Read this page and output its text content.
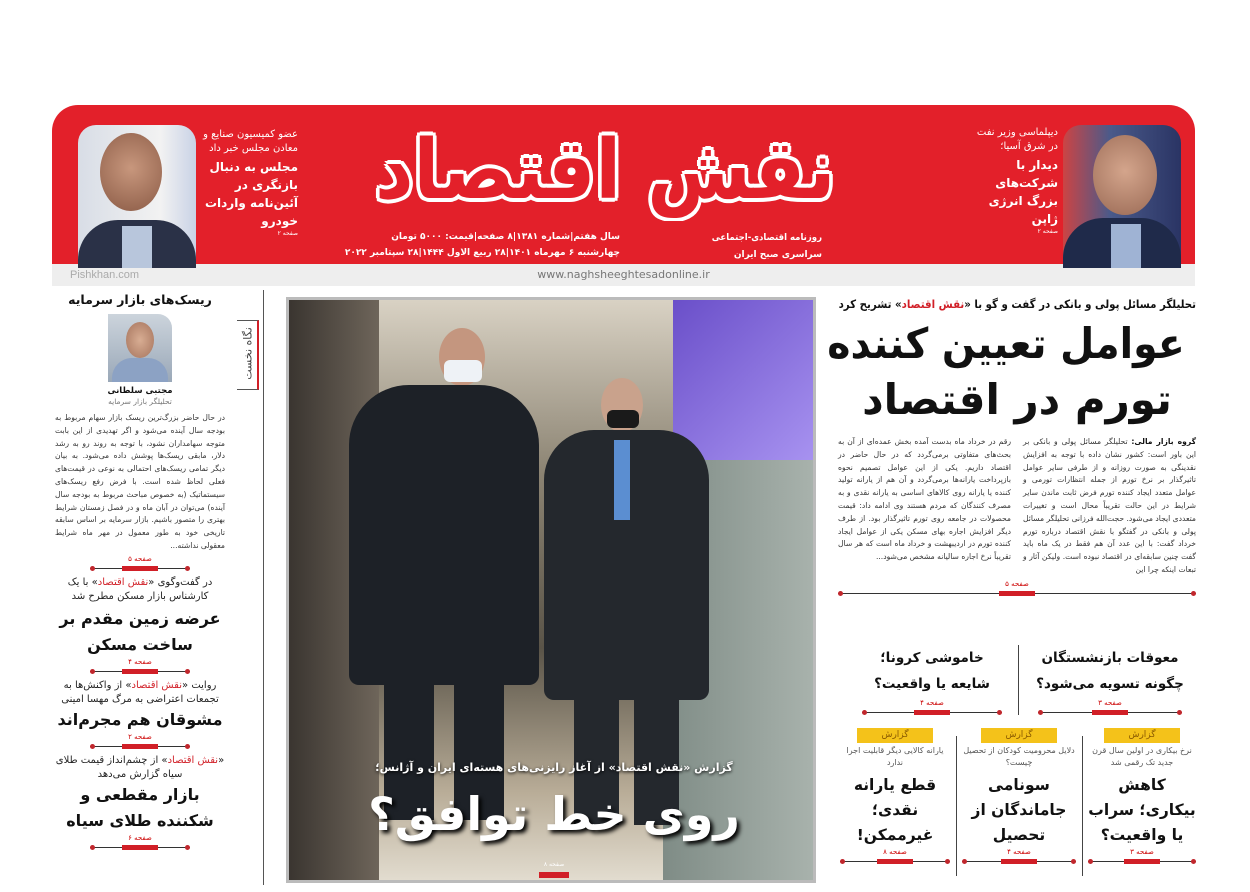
نقش اقتصاد
روزنامه اقتصادی-اجتماعی
سراسری صبح ایران
سال هفتم|شماره ۱۳۸۱|۸ صفحه|قیمت: ۵۰۰۰ تومان
چهارشنبه ۶ مهرماه ۱۴۰۱|۲۸ ربیع الاول ۱۴۴۴|۲۸ سپتامبر ۲۰۲۲
www.naghsheeghtesadonline.ir
Pishkhan.com
عضو کمیسیون صنایع و معادن مجلس خبر داد
مجلس به دنبال بازنگری در آئین‌نامه واردات خودرو
صفحه ۲
دیپلماسی وزیر نفت در شرق آسیا؛
دیدار با شرکت‌های بزرگ انرژی ژاپن
صفحه ۲
نگاه نخست
ریسک‌های بازار سرمایه
مجتبی سلطانی
تحلیلگر بازار سرمایه
در حال حاضر بزرگ‌ترین ریسک بازار سهام مربوط به بودجه سال آینده می‌شود و اگر تهدیدی از این بابت متوجه سهامداران نشود، با توجه به روند رو به رشد دلار، مابقی ریسک‌ها پوشش داده می‌شود. به بیان دیگر تمامی ریسک‌های احتمالی به نوعی در قیمت‌های فعلی لحاظ شده است. با فرض رفع ریسک‌های سیستماتیک (به خصوص مباحث مربوط به بودجه سال آینده) می‌توان در آبان ماه و در فصل زمستان شرایط بهتری را متصور باشیم. بازار سرمایه بر اساس سابقه تاریخی خود به طور معمول در مهر ماه شرایط معقولی نداشته...
صفحه ۵
در گفت‌و‌گوی «نقش اقتصاد» با یک کارشناس بازار مسکن مطرح شد
عرضه زمین مقدم بر ساخت مسکن
صفحه ۴
روایت «نقش اقتصاد» از واکنش‌ها به تجمعات اعتراضی به مرگ مهسا امینی
مشوقان هم مجرم‌اند
صفحه ۲
«نقش اقتصاد» از چشم‌انداز قیمت طلای سیاه گزارش می‌دهد
بازار مقطعی و شکننده طلای سیاه
صفحه ۶
گزارش «نقش اقتصاد» از آغاز رایزنی‌های هسته‌ای ایران و آژانس؛
روی خط توافق؟
صفحه ۸
تحلیلگر مسائل پولی و بانکی در گفت و گو با «نقش اقتصاد» تشریح کرد
عوامل تعیین کننده
تورم در اقتصاد
گروه بازار مالی: تحلیلگر مسائل پولی و بانکی بر این باور است: کشور نشان داده با توجه به افزایش نقدینگی به صورت روزانه و از طرفی سایر عوامل تاثیرگذار بر نرخ تورم از جمله انتظارات تورمی و عوامل متعدد ایجاد کننده تورم فرض ثابت ماندن سایر شرایط در این حالت تقریباً محال است و تغییرات متعددی ایجاد می‌شود. حجت‌الله فرزانی تحلیلگر مسائل پولی و بانکی در گفتگو با نقش اقتصاد درباره تورم خرداد گفت: با این عدد آن هم فقط در یک ماه باید گفت چنین سابقه‌ای در اقتصاد نبوده است. ولیکن آثار و تبعات اینکه چرا این
رقم در خرداد ماه بدست آمده بخش عمده‌ای از آن به بحث‌های متفاوتی برمی‌گردد که در حال حاضر در اقتصاد داریم. یکی از این عوامل تصمیم نحوه بازپرداخت یارانه‌ها برمی‌گردد و آن هم از یارانه تولید کننده یا یارانه روی کالاهای اساسی به یارانه نقدی و به مصرف کنندگان که مردم هستند وی ادامه داد: قیمت محصولات در جامعه روی تورم تاثیرگذار بود. از طرف دیگر افزایش اجاره بهای مسکن یکی از عوامل ایجاد کننده تورم در اردیبهشت و خرداد ماه است که هر سال تقریباً نرخ اجاره سالیانه مشخص می‌شود...
صفحه ۵
معوقات بازنشستگان چگونه تسویه می‌شود؟
صفحه ۳
خاموشی کرونا؛ شایعه یا واقعیت؟
صفحه ۴
گزارش
نرخ بیکاری در اولین سال قرن جدید تک رقمی شد
کاهش بیکاری؛ سراب یا واقعیت؟
صفحه ۳
گزارش
دلایل محرومیت کودکان از تحصیل چیست؟
سونامی جاماندگان از تحصیل
صفحه ۴
گزارش
یارانه کالایی دیگر قابلیت اجرا ندارد
قطع یارانه نقدی؛ غیرممکن!
صفحه ۸
